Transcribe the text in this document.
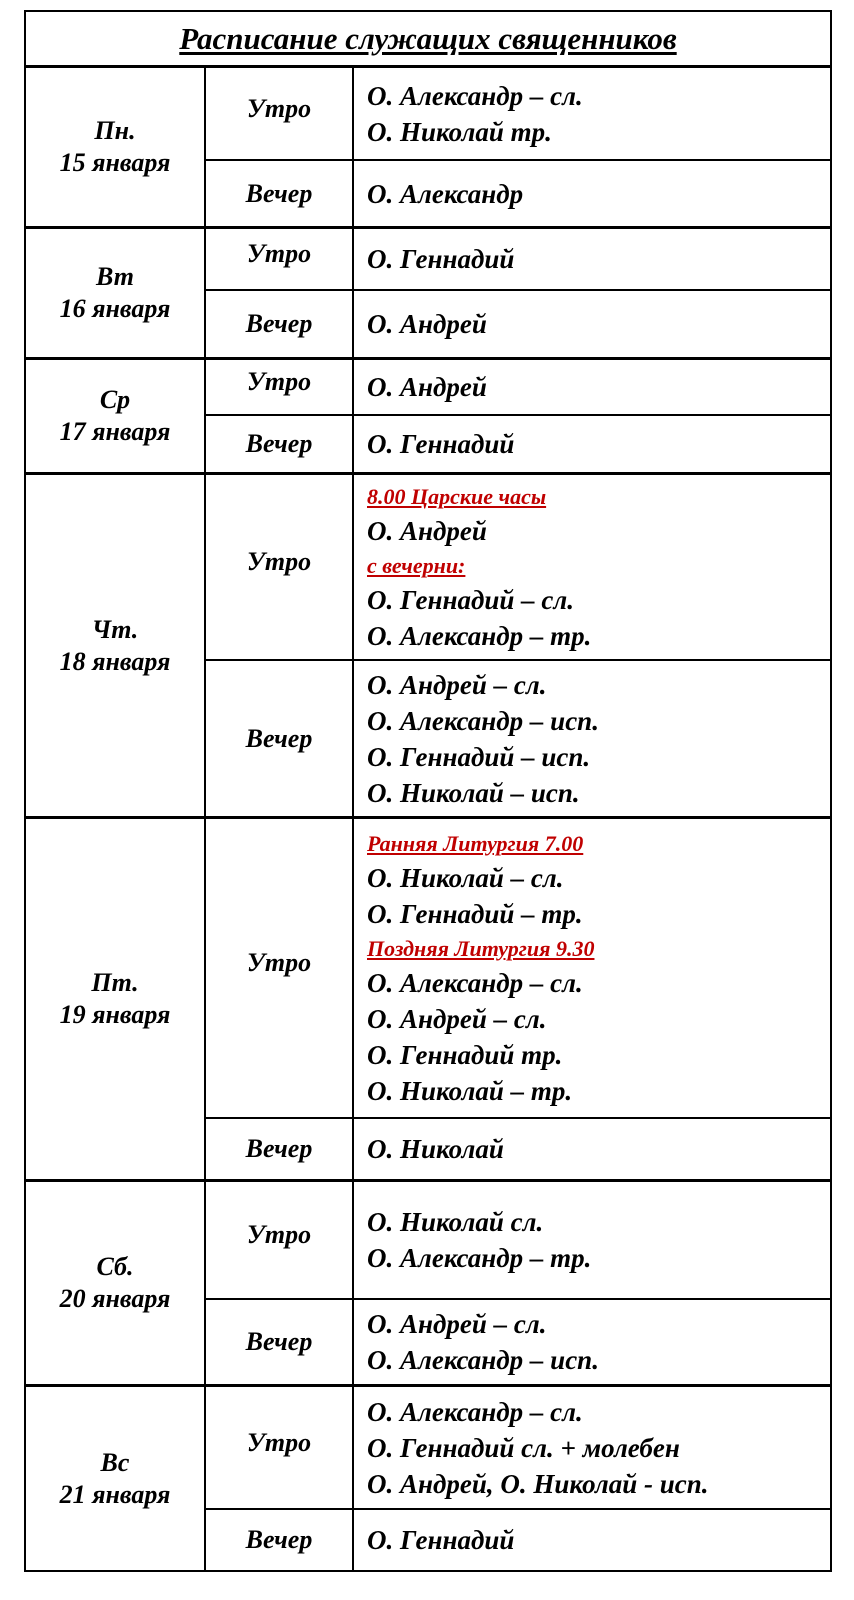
Расписание служащих священников
Пн.
15 января
Утро О. Александр – сл.
О. Николай тр.
Вечер О. Александр
Вт
16 января
Утро О. Геннадий
Вечер О. Андрей
Ср
17 января
Утро О. Андрей
Вечер О. Геннадий
Чт.
18 января
Утро
8.00 Царские часы
О. Андрей
с вечерни:
О. Геннадий – сл.
О. Александр – тр.
Вечер
О. Андрей – сл.
О. Александр – исп.
О. Геннадий – исп.
О. Николай – исп.
Пт.
19 января
Утро
Ранняя Литургия 7.00
О. Николай – сл.
О. Геннадий – тр.
Поздняя Литургия 9.30
О. Александр – сл.
О. Андрей – сл.
О. Геннадий тр.
О. Николай – тр.
Вечер О. Николай
Сб.
20 января
Утро О. Николай сл.
О. Александр – тр.
Вечер
О. Андрей – сл.
О. Александр – исп.
Вс
21 января
Утро
О. Александр – сл.
О. Геннадий сл. + молебен
О. Андрей, О. Николай - исп.
Вечер О. Геннадий
